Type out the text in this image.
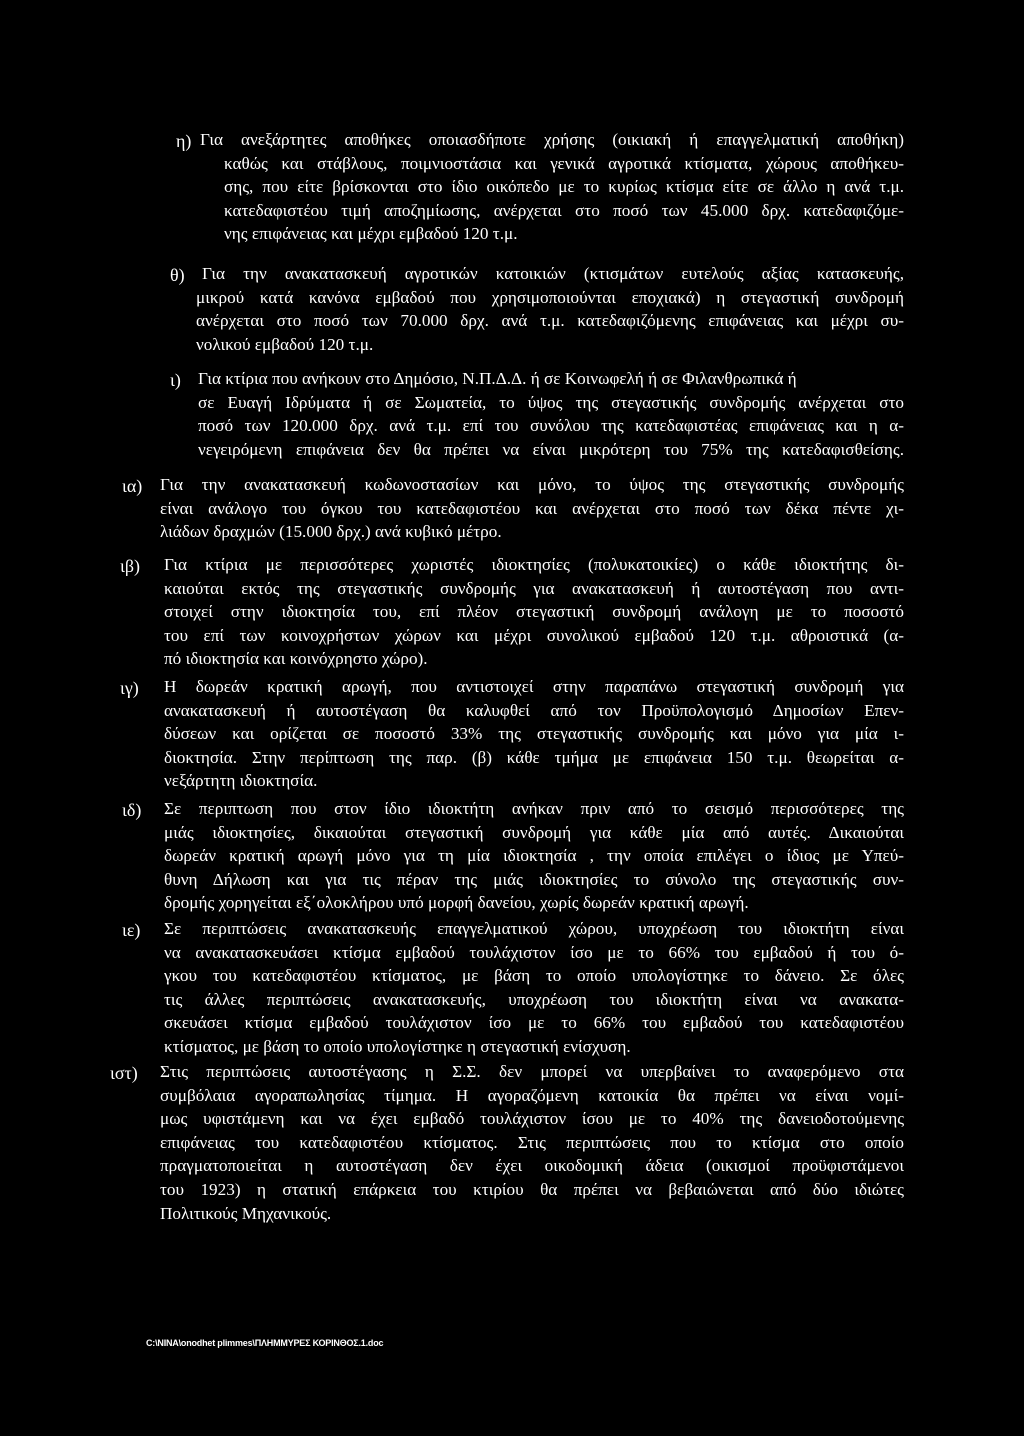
η) Για ανεξάρτητες αποθήκες οποιασδήποτε χρήσης (οικιακή ή επαγγελματική αποθήκη)
καθώς και στάβλους, ποιμνιοστάσια και γενικά αγροτικά κτίσματα, χώρους αποθήκευ-
σης, που είτε βρίσκονται στο ίδιο οικόπεδο με το κυρίως κτίσμα είτε σε άλλο η ανά τ.μ.
κατεδαφιστέου τιμή αποζημίωσης, ανέρχεται στο ποσό των 45.000 δρχ. κατεδαφιζόμε-
νης επιφάνειας και μέχρι εμβαδού 120 τ.μ.
θ) Για την ανακατασκευή αγροτικών κατοικιών (κτισμάτων ευτελούς αξίας κατασκευής,
μικρού κατά κανόνα εμβαδού που χρησιμοποιούνται εποχιακά) η στεγαστική συνδρομή
ανέρχεται στο ποσό των 70.000 δρχ. ανά τ.μ. κατεδαφιζόμενης επιφάνειας και μέχρι συ-
νολικού εμβαδού 120 τ.μ.
ι) Για κτίρια που ανήκουν στο Δημόσιο, Ν.Π.Δ.Δ. ή σε Κοινωφελή ή σε Φιλανθρωπικά ή
σε Ευαγή Ιδρύματα ή σε Σωματεία, το ύψος της στεγαστικής συνδρομής ανέρχεται στο
ποσό των 120.000 δρχ. ανά τ.μ. επί του συνόλου της κατεδαφιστέας επιφάνειας και η α-
νεγειρόμενη επιφάνεια δεν θα πρέπει να είναι μικρότερη του 75% της κατεδαφισθείσης.
ια) Για την ανακατασκευή κωδωνοστασίων και μόνο, το ύψος της στεγαστικής συνδρομής
είναι ανάλογο του όγκου του κατεδαφιστέου και ανέρχεται στο ποσό των δέκα πέντε χι-
λιάδων δραχμών (15.000 δρχ.) ανά κυβικό μέτρο.
ιβ) Για κτίρια με περισσότερες χωριστές ιδιοκτησίες (πολυκατοικίες) ο κάθε ιδιοκτήτης δι-
καιούται εκτός της στεγαστικής συνδρομής για ανακατασκευή ή αυτοστέγαση που αντι-
στοιχεί στην ιδιοκτησία του, επί πλέον στεγαστική συνδρομή ανάλογη με το ποσοστό
του επί των κοινοχρήστων χώρων και μέχρι συνολικού εμβαδού 120 τ.μ. αθροιστικά (α-
πό ιδιοκτησία και κοινόχρηστο χώρο).
ιγ) Η δωρεάν κρατική αρωγή, που αντιστοιχεί στην παραπάνω στεγαστική συνδρομή για
ανακατασκευή ή αυτοστέγαση θα καλυφθεί από τον Προϋπολογισμό Δημοσίων Επεν-
δύσεων και ορίζεται σε ποσοστό 33% της στεγαστικής συνδρομής και μόνο για μία ι-
διοκτησία. Στην περίπτωση της παρ. (β) κάθε τμήμα με επιφάνεια 150 τ.μ. θεωρείται α-
νεξάρτητη ιδιοκτησία.
ιδ) Σε περιπτωση που στον ίδιο ιδιοκτήτη ανήκαν πριν από το σεισμό περισσότερες της
μιάς ιδιοκτησίες, δικαιούται στεγαστική συνδρομή για κάθε μία από αυτές. Δικαιούται
δωρεάν κρατική αρωγή μόνο για τη μία ιδιοκτησία , την οποία επιλέγει ο ίδιος με Υπεύ-
θυνη Δήλωση και για τις πέραν της μιάς ιδιοκτησίες το σύνολο της στεγαστικής συν-
δρομής χορηγείται εξ΄ολοκλήρου υπό μορφή δανείου, χωρίς δωρεάν κρατική αρωγή.
ιε) Σε περιπτώσεις ανακατασκευής επαγγελματικού χώρου, υποχρέωση του ιδιοκτήτη είναι
να ανακατασκευάσει κτίσμα εμβαδού τουλάχιστον ίσο με το 66% του εμβαδού ή του ό-
γκου του κατεδαφιστέου κτίσματος, με βάση το οποίο υπολογίστηκε το δάνειο. Σε όλες
τις άλλες περιπτώσεις ανακατασκευής, υποχρέωση του ιδιοκτήτη είναι να ανακατα-
σκευάσει κτίσμα εμβαδού τουλάχιστον ίσο με το 66% του εμβαδού του κατεδαφιστέου
κτίσματος, με βάση το οποίο υπολογίστηκε η στεγαστική ενίσχυση.
ιστ) Στις περιπτώσεις αυτοστέγασης η Σ.Σ. δεν μπορεί να υπερβαίνει το αναφερόμενο στα
συμβόλαια αγοραπωλησίας τίμημα. Η αγοραζόμενη κατοικία θα πρέπει να είναι νομί-
μως υφιστάμενη και να έχει εμβαδό τουλάχιστον ίσου με το 40% της δανειοδοτούμενης
επιφάνειας του κατεδαφιστέου κτίσματος. Στις περιπτώσεις που το κτίσμα στο οποίο
πραγματοποιείται η αυτοστέγαση δεν έχει οικοδομική άδεια (οικισμοί προϋφιστάμενοι
του 1923) η στατική επάρκεια του κτιρίου θα πρέπει να βεβαιώνεται από δύο ιδιώτες
Πολιτικούς Μηχανικούς.
C:\NINA\onodhet plimmes\ΠΛΗΜΜΥΡΕΣ ΚΟΡΙΝΘΟΣ.1.doc
